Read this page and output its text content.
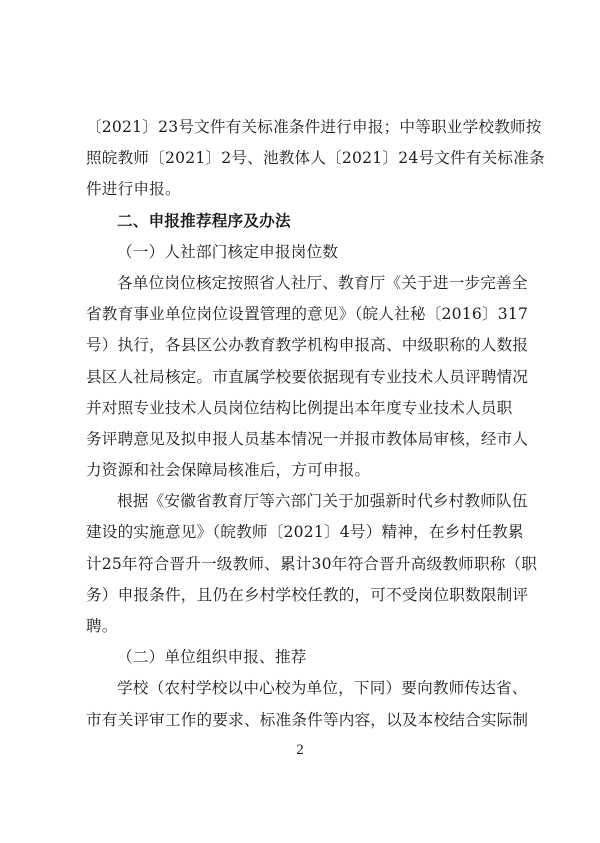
〔2021〕23号文件有关标准条件进行申报；中等职业学校教师按
照皖教师〔2021〕2号、池教体人〔2021〕24号文件有关标准条
件进行申报。
二、申报推荐程序及办法
（一）人社部门核定申报岗位数
各单位岗位核定按照省人社厅、教育厅《关于进一步完善全
省教育事业单位岗位设置管理的意见》（皖人社秘〔2016〕317
号）执行，各县区公办教育教学机构申报高、中级职称的人数报
县区人社局核定。市直属学校要依据现有专业技术人员评聘情况
并对照专业技术人员岗位结构比例提出本年度专业技术人员职
务评聘意见及拟申报人员基本情况一并报市教体局审核，经市人
力资源和社会保障局核准后，方可申报。
根据《安徽省教育厅等六部门关于加强新时代乡村教师队伍
建设的实施意见》（皖教师〔2021〕4号）精神，在乡村任教累
计25年符合晋升一级教师、累计30年符合晋升高级教师职称（职
务）申报条件，且仍在乡村学校任教的，可不受岗位职数限制评
聘。
（二）单位组织申报、推荐
学校（农村学校以中心校为单位，下同）要向教师传达省、
市有关评审工作的要求、标准条件等内容，以及本校结合实际制
2
